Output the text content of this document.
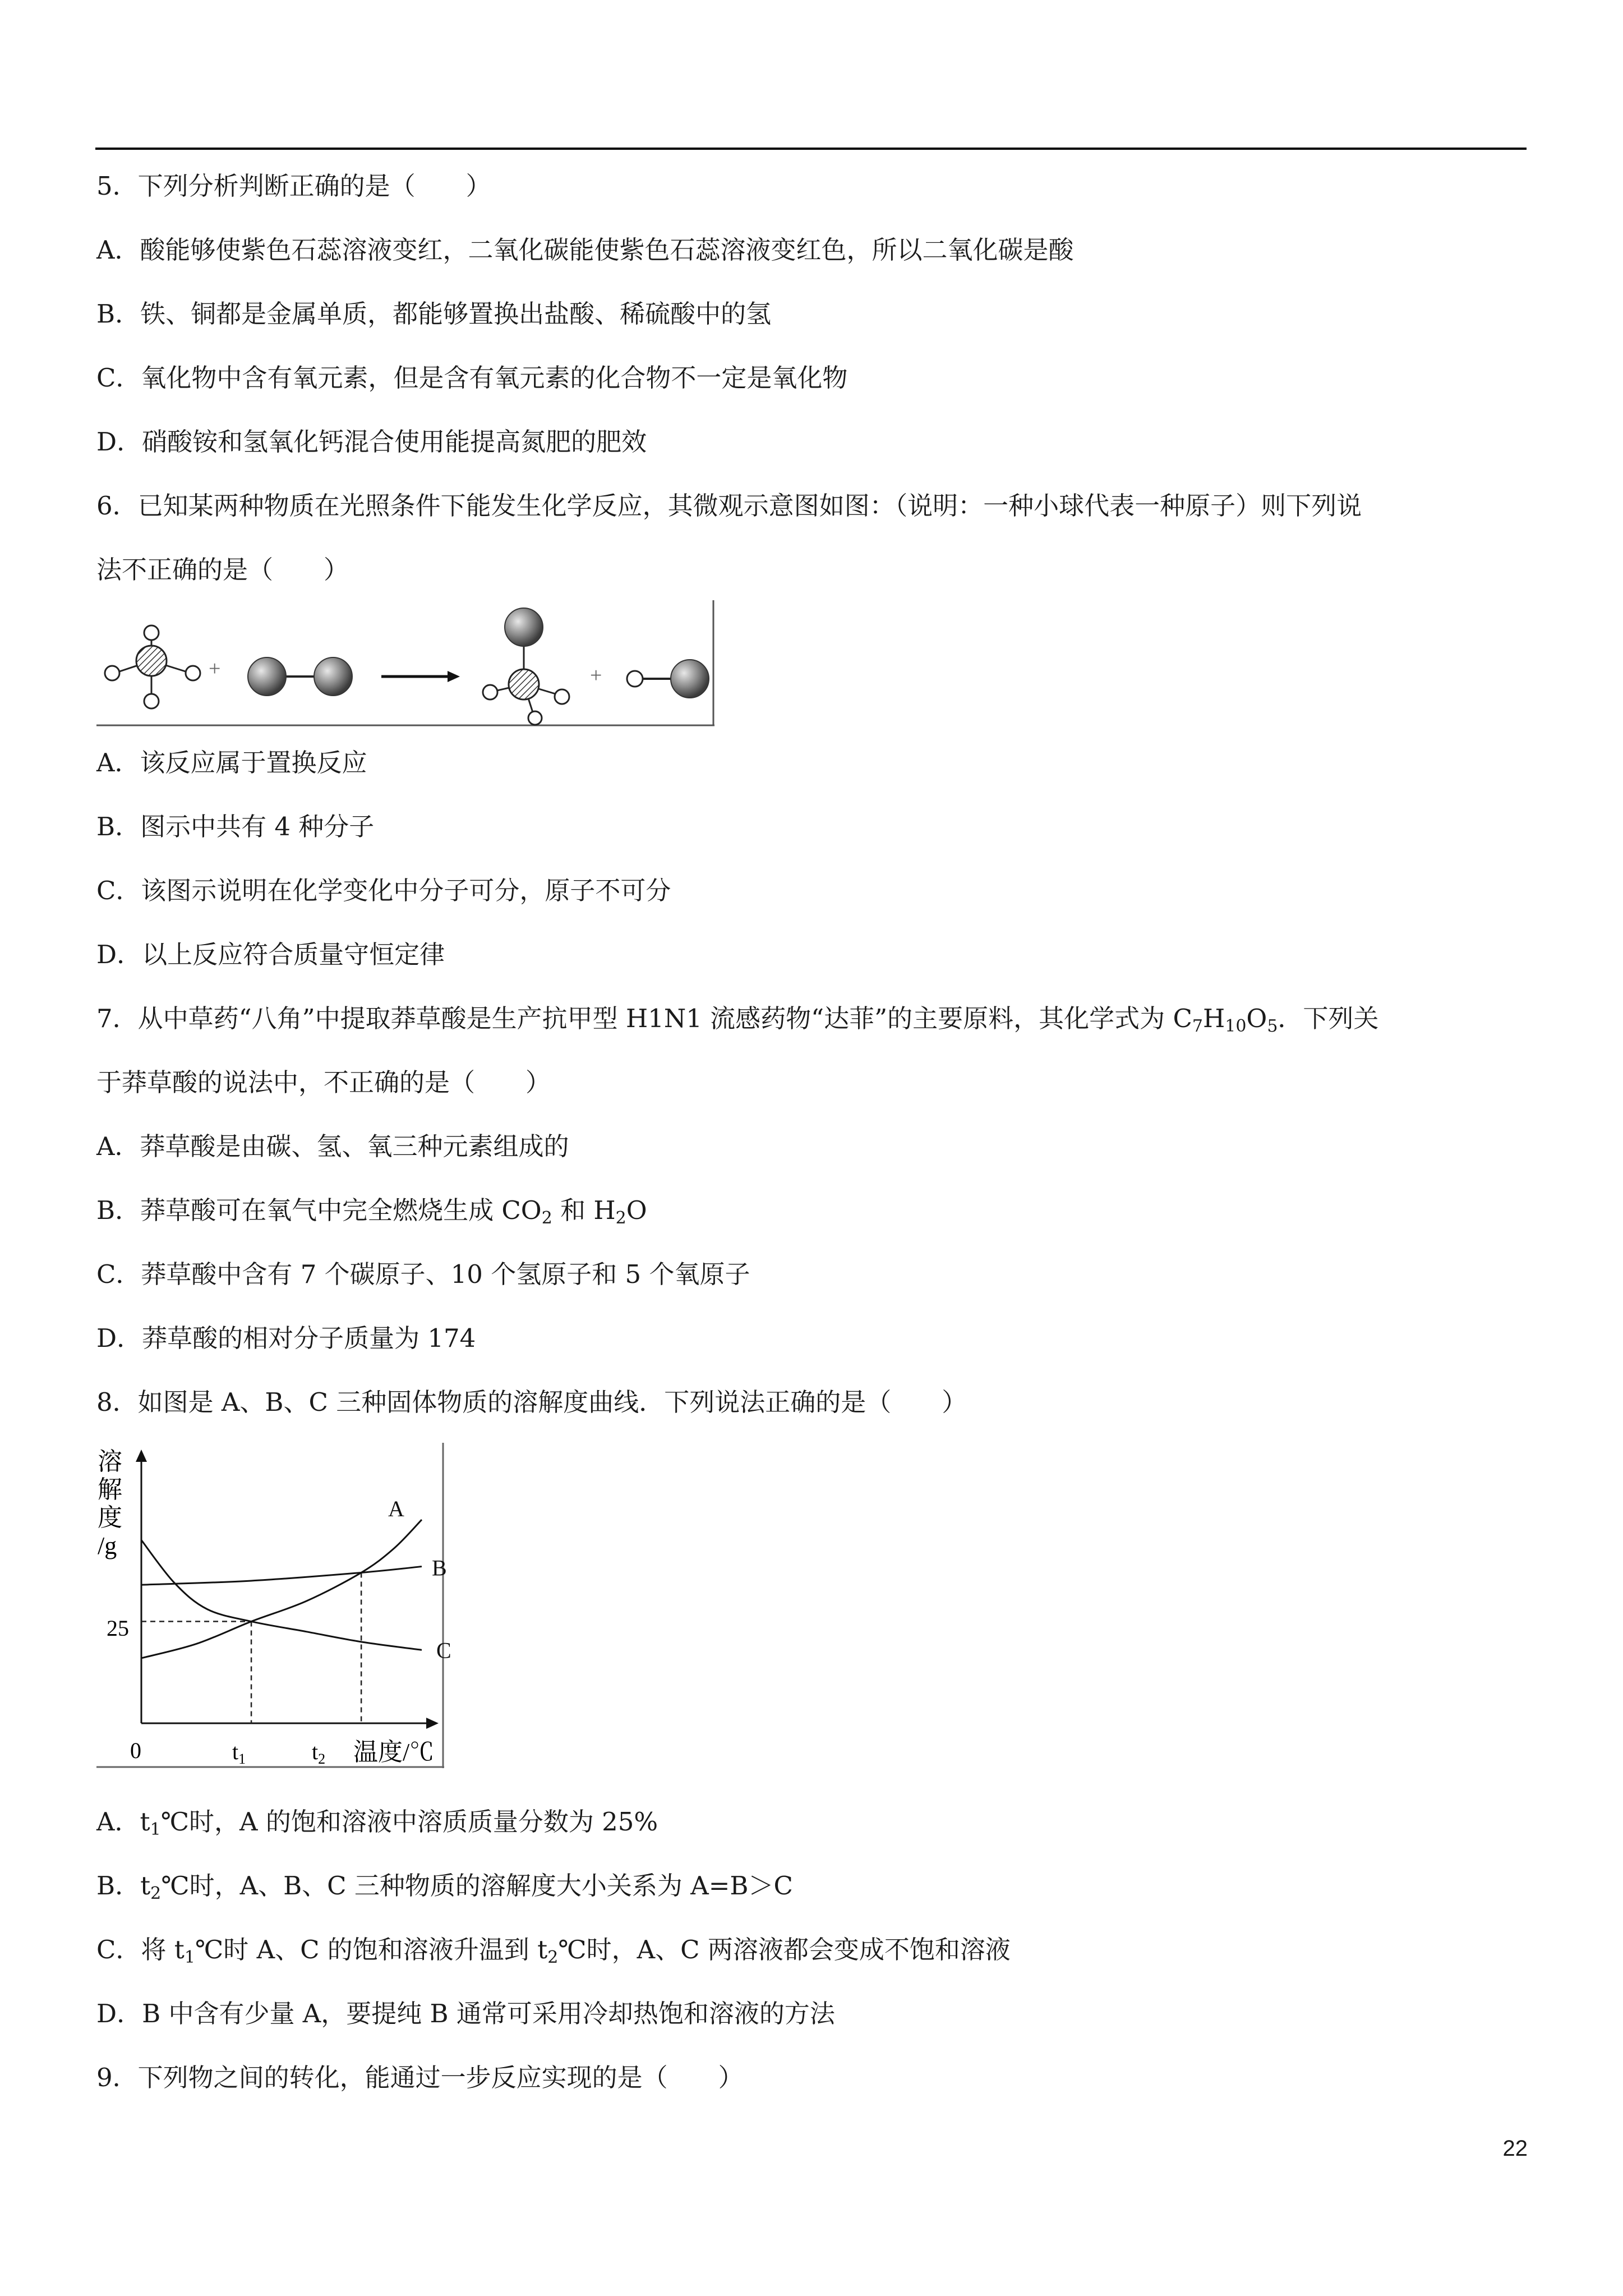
5．下列分析判断正确的是（　　）
A．酸能够使紫色石蕊溶液变红，二氧化碳能使紫色石蕊溶液变红色，所以二氧化碳是酸
B．铁、铜都是金属单质，都能够置换出盐酸、稀硫酸中的氢
C．氧化物中含有氧元素，但是含有氧元素的化合物不一定是氧化物
D．硝酸铵和氢氧化钙混合使用能提高氮肥的肥效
6．已知某两种物质在光照条件下能发生化学反应，其微观示意图如图：（说明：一种小球代表一种原子）则下列说
法不正确的是（　　）
+	+
A．该反应属于置换反应
B．图示中共有 4 种分子
C．该图示说明在化学变化中分子可分，原子不可分
D．以上反应符合质量守恒定律
7．从中草药“八角”中提取莽草酸是生产抗甲型 H1N1 流感药物“达菲”的主要原料，其化学式为 $C_7H_{10}O_5$．下列关
于莽草酸的说法中，不正确的是（　　）
A．莽草酸是由碳、氢、氧三种元素组成的
B．莽草酸可在氧气中完全燃烧生成 $CO_2$ 和 $H_2O$
C．莽草酸中含有 7 个碳原子、10 个氢原子和 5 个氧原子
D．莽草酸的相对分子质量为 174
8．如图是 A、B、C 三种固体物质的溶解度曲线．下列说法正确的是（　　）
溶
解
度
/g
温度/℃
0
25
$t_1$	$t_2$
A
B
C
A．$t_1℃$时，A 的饱和溶液中溶质质量分数为 25%
B．$t_2℃$时，A、B、C 三种物质的溶解度大小关系为 A=B＞C
C．将 $t_1℃$时 A、C 的饱和溶液升温到 $t_2℃$时，A、C 两溶液都会变成不饱和溶液
D．B 中含有少量 A，要提纯 B 通常可采用冷却热饱和溶液的方法
9．下列物之间的转化，能通过一步反应实现的是（　　）
22
